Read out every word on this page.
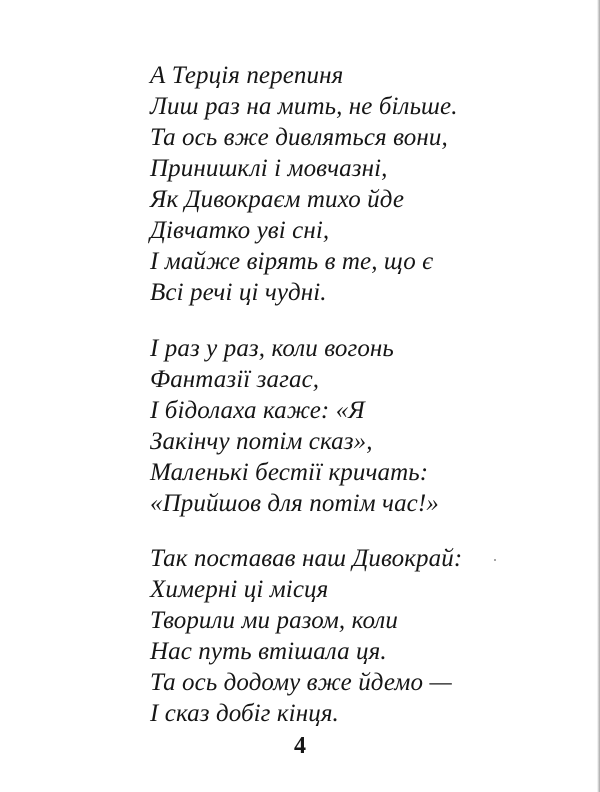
А Терція перепиня
Лиш раз на мить, не більше.
Та ось вже дивляться вони,
Принишклі і мовчазні,
Як Дивокраєм тихо йде
Дівчатко уві сні,
І майже вірять в те, що є
Всі речі ці чудні.
І раз у раз, коли вогонь
Фантазії загас,
І бідолаха каже: «Я
Закінчу потім сказ»,
Маленькі бестії кричать:
«Прийшов для потім час!»
Так поставав наш Дивокрай:
Химерні ці місця
Творили ми разом, коли
Нас путь втішала ця.
Та ось додому вже йдемо —
І сказ добіг кінця.
4
